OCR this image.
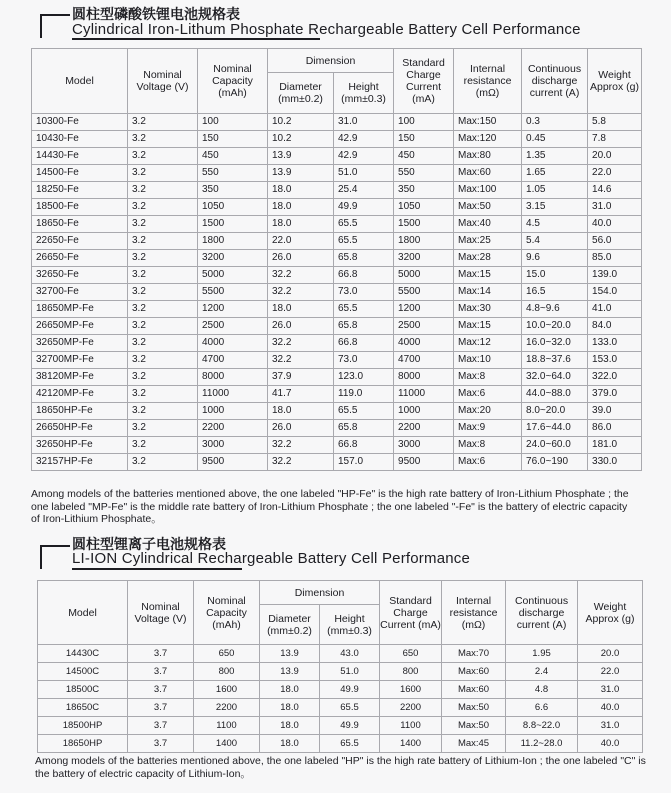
圆柱型磷酸铁锂电池规格表
Cylindrical Iron-Lithum Phosphate Rechargeable Battery Cell Performance
Model	Nominal Voltage (V)	Nominal Capacity (mAh)	Dimension		Standard Charge Current (mA)	Internal resistance (mΩ)	Continuous discharge current (A)	Weight Approx (g)
			Diameter (mm±0.2)	Height (mm±0.3)				
10300-Fe	3.2	100	10.2	31.0	100	Max:150	0.3	5.8
10430-Fe	3.2	150	10.2	42.9	150	Max:120	0.45	7.8
14430-Fe	3.2	450	13.9	42.9	450	Max:80	1.35	20.0
14500-Fe	3.2	550	13.9	51.0	550	Max:60	1.65	22.0
18250-Fe	3.2	350	18.0	25.4	350	Max:100	1.05	14.6
18500-Fe	3.2	1050	18.0	49.9	1050	Max:50	3.15	31.0
18650-Fe	3.2	1500	18.0	65.5	1500	Max:40	4.5	40.0
22650-Fe	3.2	1800	22.0	65.5	1800	Max:25	5.4	56.0
26650-Fe	3.2	3200	26.0	65.8	3200	Max:28	9.6	85.0
32650-Fe	3.2	5000	32.2	66.8	5000	Max:15	15.0	139.0
32700-Fe	3.2	5500	32.2	73.0	5500	Max:14	16.5	154.0
18650MP-Fe	3.2	1200	18.0	65.5	1200	Max:30	4.8~9.6	41.0
26650MP-Fe	3.2	2500	26.0	65.8	2500	Max:15	10.0~20.0	84.0
32650MP-Fe	3.2	4000	32.2	66.8	4000	Max:12	16.0~32.0	133.0
32700MP-Fe	3.2	4700	32.2	73.0	4700	Max:10	18.8~37.6	153.0
38120MP-Fe	3.2	8000	37.9	123.0	8000	Max:8	32.0~64.0	322.0
42120MP-Fe	3.2	11000	41.7	119.0	11000	Max:6	44.0~88.0	379.0
18650HP-Fe	3.2	1000	18.0	65.5	1000	Max:20	8.0~20.0	39.0
26650HP-Fe	3.2	2200	26.0	65.8	2200	Max:9	17.6~44.0	86.0
32650HP-Fe	3.2	3000	32.2	66.8	3000	Max:8	24.0~60.0	181.0
32157HP-Fe	3.2	9500	32.2	157.0	9500	Max:6	76.0~190	330.0
Among models of the batteries mentioned above, the one labeled "HP-Fe" is the high rate battery of Iron-Lithium Phosphate ; the one labeled "MP-Fe" is the middle rate battery of Iron-Lithium Phosphate ; the one labeled "-Fe" is the battery of electric capacity of Iron-Lithium Phosphate。
圆柱型锂离子电池规格表
LI-ION Cylindrical Rechargeable Battery Cell Performance
Model	Nominal Voltage (V)	Nominal Capacity (mAh)	Dimension		Standard Charge Current (mA)	Internal resistance (mΩ)	Continuous discharge current (A)	Weight Approx (g)
			Diameter (mm±0.2)	Height (mm±0.3)				
14430C	3.7	650	13.9	43.0	650	Max:70	1.95	20.0
14500C	3.7	800	13.9	51.0	800	Max:60	2.4	22.0
18500C	3.7	1600	18.0	49.9	1600	Max:60	4.8	31.0
18650C	3.7	2200	18.0	65.5	2200	Max:50	6.6	40.0
18500HP	3.7	1100	18.0	49.9	1100	Max:50	8.8~22.0	31.0
18650HP	3.7	1400	18.0	65.5	1400	Max:45	11.2~28.0	40.0
Among models of the batteries mentioned above, the one labeled "HP" is the high rate battery of Lithium-Ion ; the one labeled "C" is the battery of electric capacity of Lithium-Ion。
